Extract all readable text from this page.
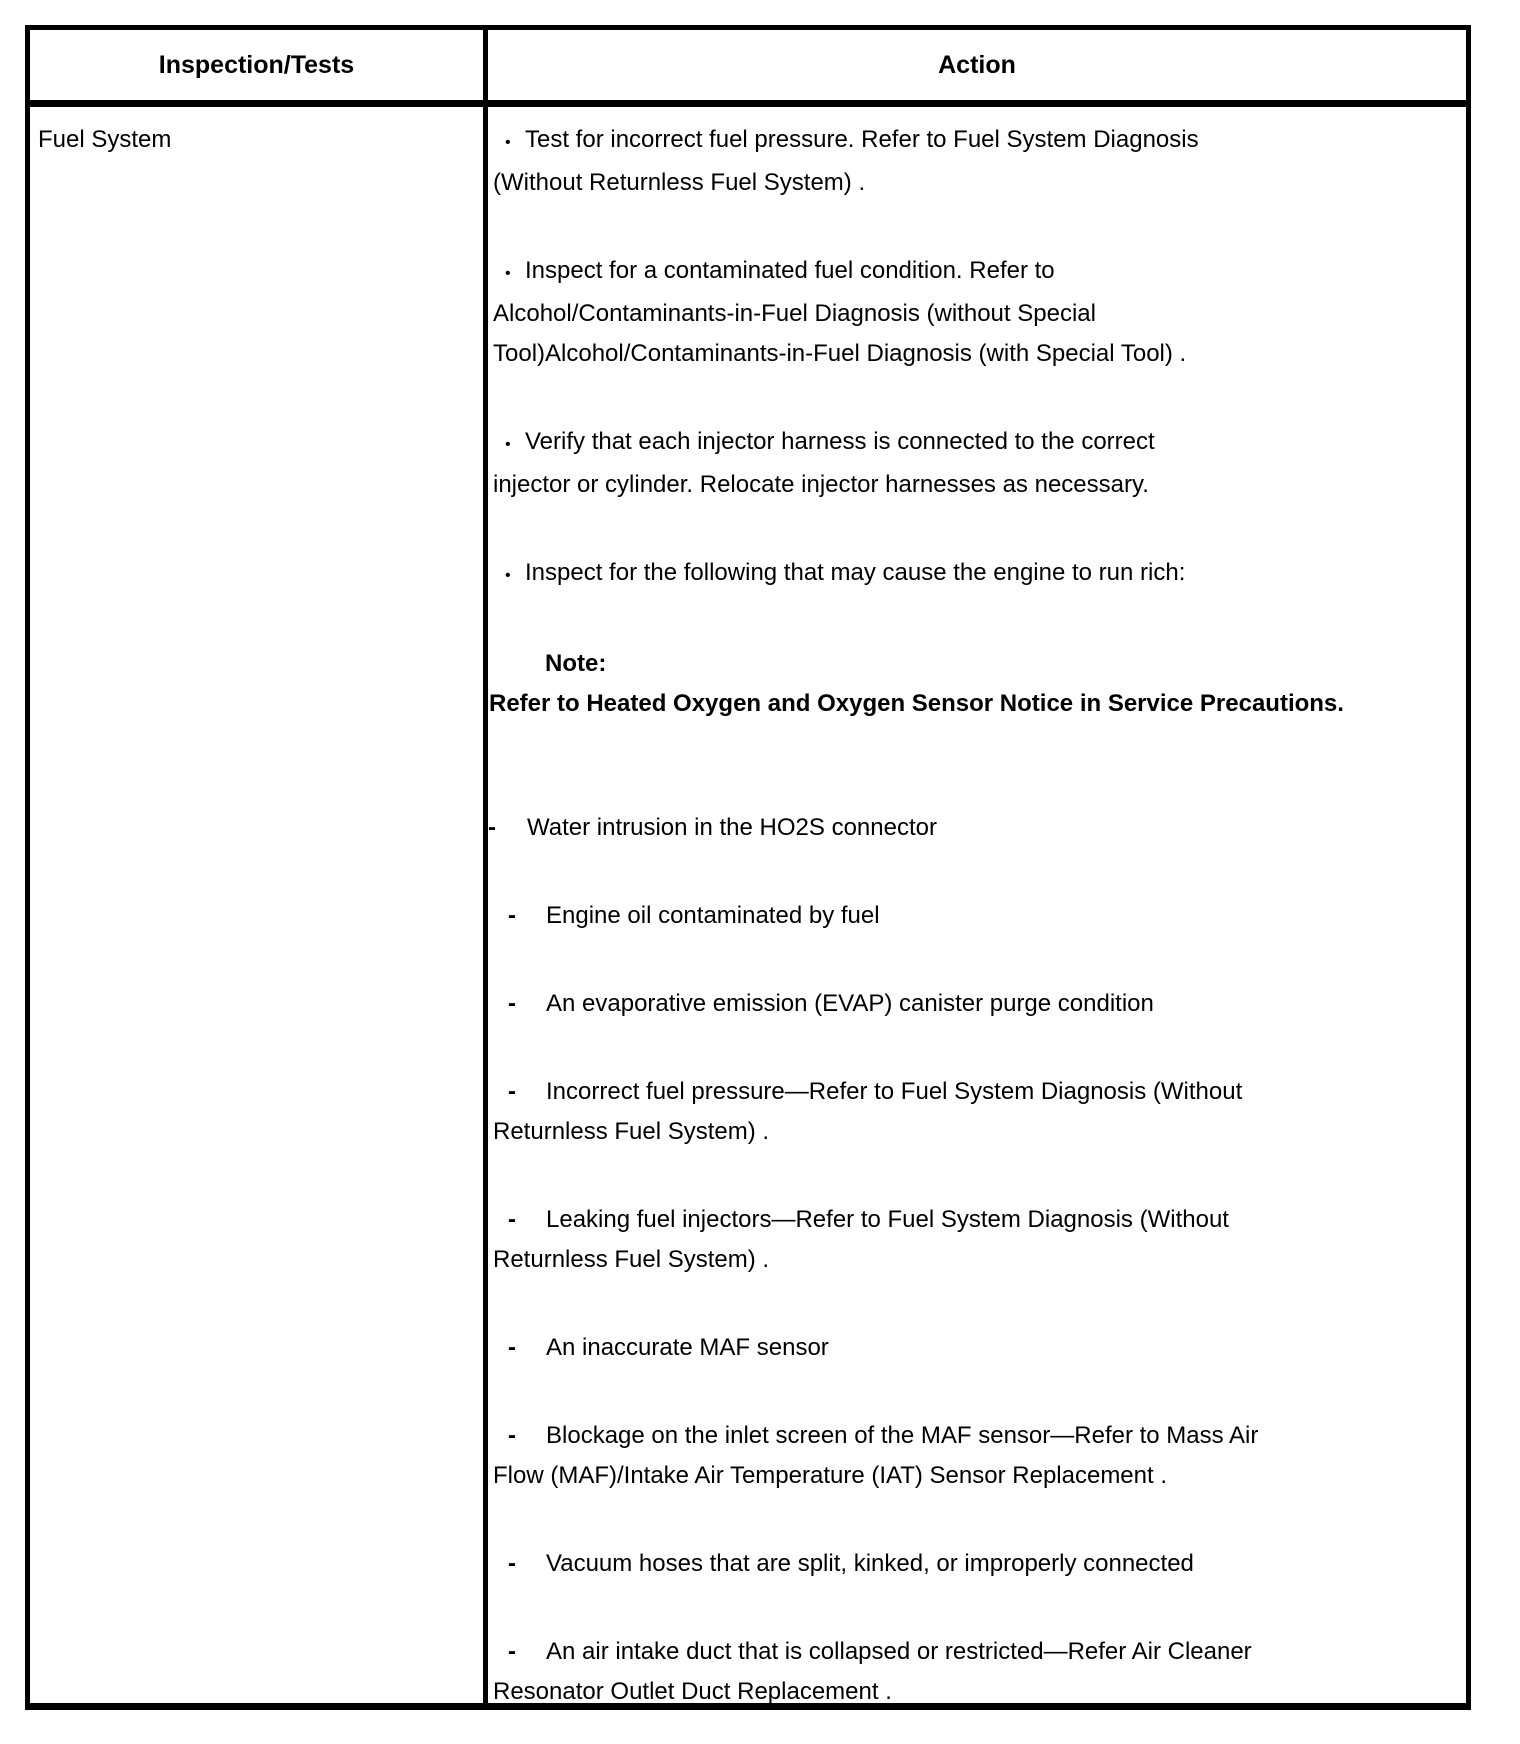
Inspection/Tests	Action
Fuel System	• Test for incorrect fuel pressure. Refer to Fuel System Diagnosis
(Without Returnless Fuel System) .
• Inspect for a contaminated fuel condition. Refer to
Alcohol/Contaminants-in-Fuel Diagnosis (without Special
Tool)Alcohol/Contaminants-in-Fuel Diagnosis (with Special Tool) .
• Verify that each injector harness is connected to the correct
injector or cylinder. Relocate injector harnesses as necessary.
• Inspect for the following that may cause the engine to run rich:
Note:
Refer to Heated Oxygen and Oxygen Sensor Notice in Service Precautions.
- Water intrusion in the HO2S connector
- Engine oil contaminated by fuel
- An evaporative emission (EVAP) canister purge condition
- Incorrect fuel pressure—Refer to Fuel System Diagnosis (Without
Returnless Fuel System) .
- Leaking fuel injectors—Refer to Fuel System Diagnosis (Without
Returnless Fuel System) .
- An inaccurate MAF sensor
- Blockage on the inlet screen of the MAF sensor—Refer to Mass Air
Flow (MAF)/Intake Air Temperature (IAT) Sensor Replacement .
- Vacuum hoses that are split, kinked, or improperly connected
- An air intake duct that is collapsed or restricted—Refer Air Cleaner
Resonator Outlet Duct Replacement .
